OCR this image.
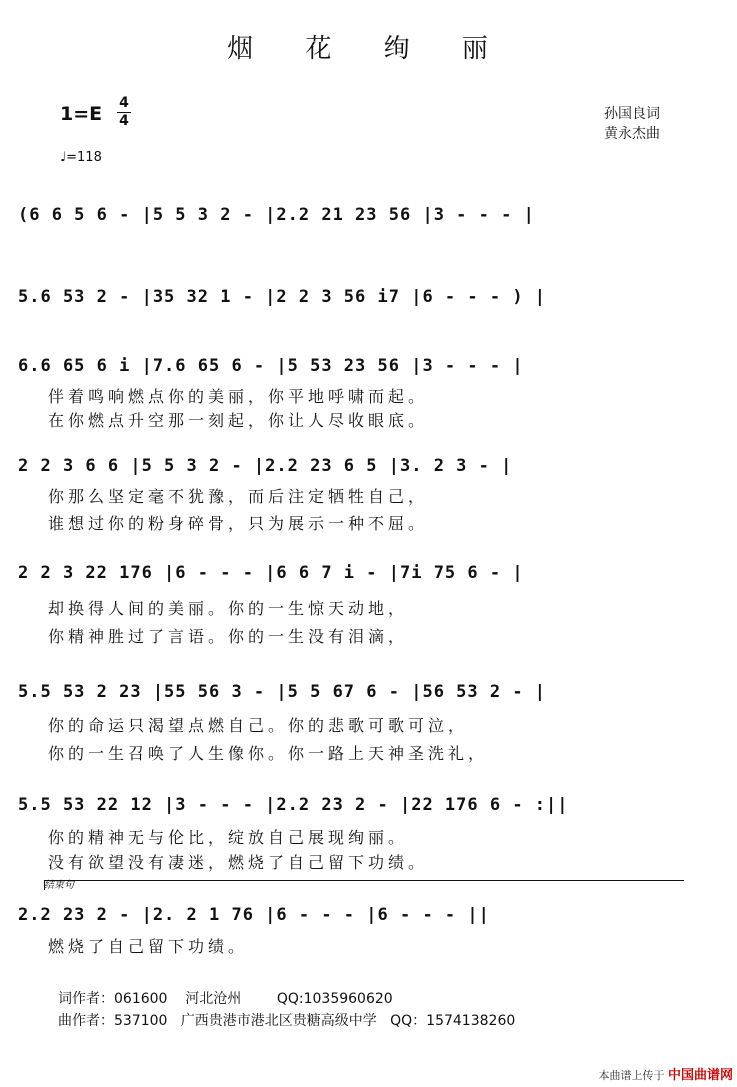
烟 花 绚 丽
1=E 4
4
♩=118
孙国良词
黄永杰曲
(6 6 5 6 - |5 5 3 2 - |2.2 21 23 56 |3 - - - |
5.6 53 2 - |35 32 1 - |2 2 3 56 i7 |6 - - - ) |
6.6 65 6 i |7.6 65 6 - |5 53 23 56 |3 - - - |
伴着鸣响燃点你的美丽，你平地呼啸而起。
在你燃点升空那一刻起，你让人尽收眼底。
2 2 3 6 6 |5 5 3 2 - |2.2 23 6 5 |3. 2 3 - |
你那么坚定毫不犹豫，而后注定牺牲自己，
谁想过你的粉身碎骨，只为展示一种不屈。
2 2 3 22 176 |6 - - - |6 6 7 i - |7i 75 6 - |
却换得人间的美丽。你的一生惊天动地，
你精神胜过了言语。你的一生没有泪滴，
5.5 53 2 23 |55 56 3 - |5 5 67 6 - |56 53 2 - |
你的命运只渴望点燃自己。你的悲歌可歌可泣，
你的一生召唤了人生像你。你一路上天神圣洗礼，
5.5 53 22 12 |3 - - - |2.2 23 2 - |22 176 6 - :||
你的精神无与伦比，绽放自己展现绚丽。
没有欲望没有凄迷，燃烧了自己留下功绩。
结束句
2.2 23 2 - |2. 2 1 76 |6 - - - |6 - - - ||
燃烧了自己留下功绩。
词作者：061600    河北沧州        QQ:1035960620
曲作者：537100   广西贵港市港北区贵糖高级中学   QQ：1574138260
本曲谱上传于 中国曲谱网
